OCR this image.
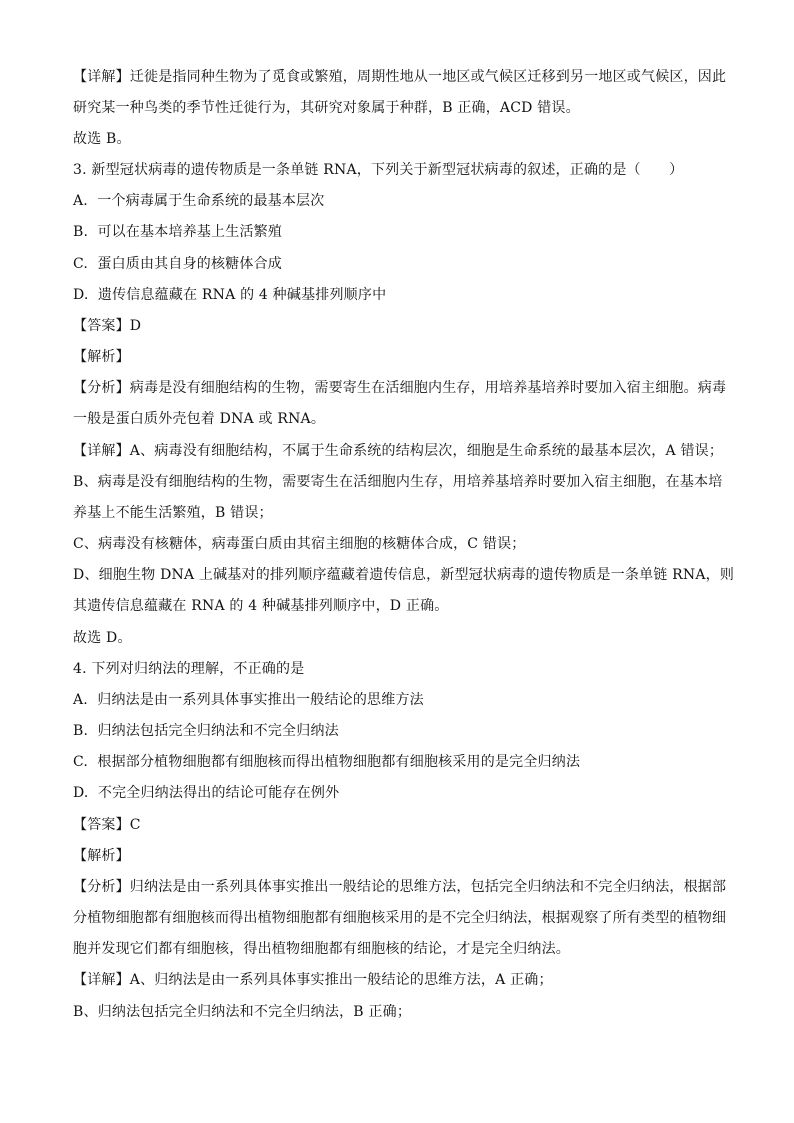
【详解】迁徙是指同种生物为了觅食或繁殖，周期性地从一地区或气候区迁移到另一地区或气候区，因此
研究某一种鸟类的季节性迁徙行为，其研究对象属于种群，B 正确，ACD 错误。
故选 B。
3. 新型冠状病毒的遗传物质是一条单链 RNA，下列关于新型冠状病毒的叙述，正确的是（　　）
A.  一个病毒属于生命系统的最基本层次
B.  可以在基本培养基上生活繁殖
C.  蛋白质由其自身的核糖体合成
D.  遗传信息蕴藏在 RNA 的 4 种碱基排列顺序中
【答案】D
【解析】
【分析】病毒是没有细胞结构的生物，需要寄生在活细胞内生存，用培养基培养时要加入宿主细胞。病毒
一般是蛋白质外壳包着 DNA 或 RNA。
【详解】A、病毒没有细胞结构，不属于生命系统的结构层次，细胞是生命系统的最基本层次，A 错误；
B、病毒是没有细胞结构的生物，需要寄生在活细胞内生存，用培养基培养时要加入宿主细胞，在基本培
养基上不能生活繁殖，B 错误；
C、病毒没有核糖体，病毒蛋白质由其宿主细胞的核糖体合成，C 错误；
D、细胞生物 DNA 上碱基对的排列顺序蕴藏着遗传信息，新型冠状病毒的遗传物质是一条单链 RNA，则
其遗传信息蕴藏在 RNA 的 4 种碱基排列顺序中，D 正确。
故选 D。
4. 下列对归纳法的理解，不正确的是
A.  归纳法是由一系列具体事实推出一般结论的思维方法
B.  归纳法包括完全归纳法和不完全归纳法
C.  根据部分植物细胞都有细胞核而得出植物细胞都有细胞核采用的是完全归纳法
D.  不完全归纳法得出的结论可能存在例外
【答案】C
【解析】
【分析】归纳法是由一系列具体事实推出一般结论的思维方法，包括完全归纳法和不完全归纳法，根据部
分植物细胞都有细胞核而得出植物细胞都有细胞核采用的是不完全归纳法，根据观察了所有类型的植物细
胞并发现它们都有细胞核，得出植物细胞都有细胞核的结论，才是完全归纳法。
【详解】A、归纳法是由一系列具体事实推出一般结论的思维方法，A 正确；
B、归纳法包括完全归纳法和不完全归纳法，B 正确；
